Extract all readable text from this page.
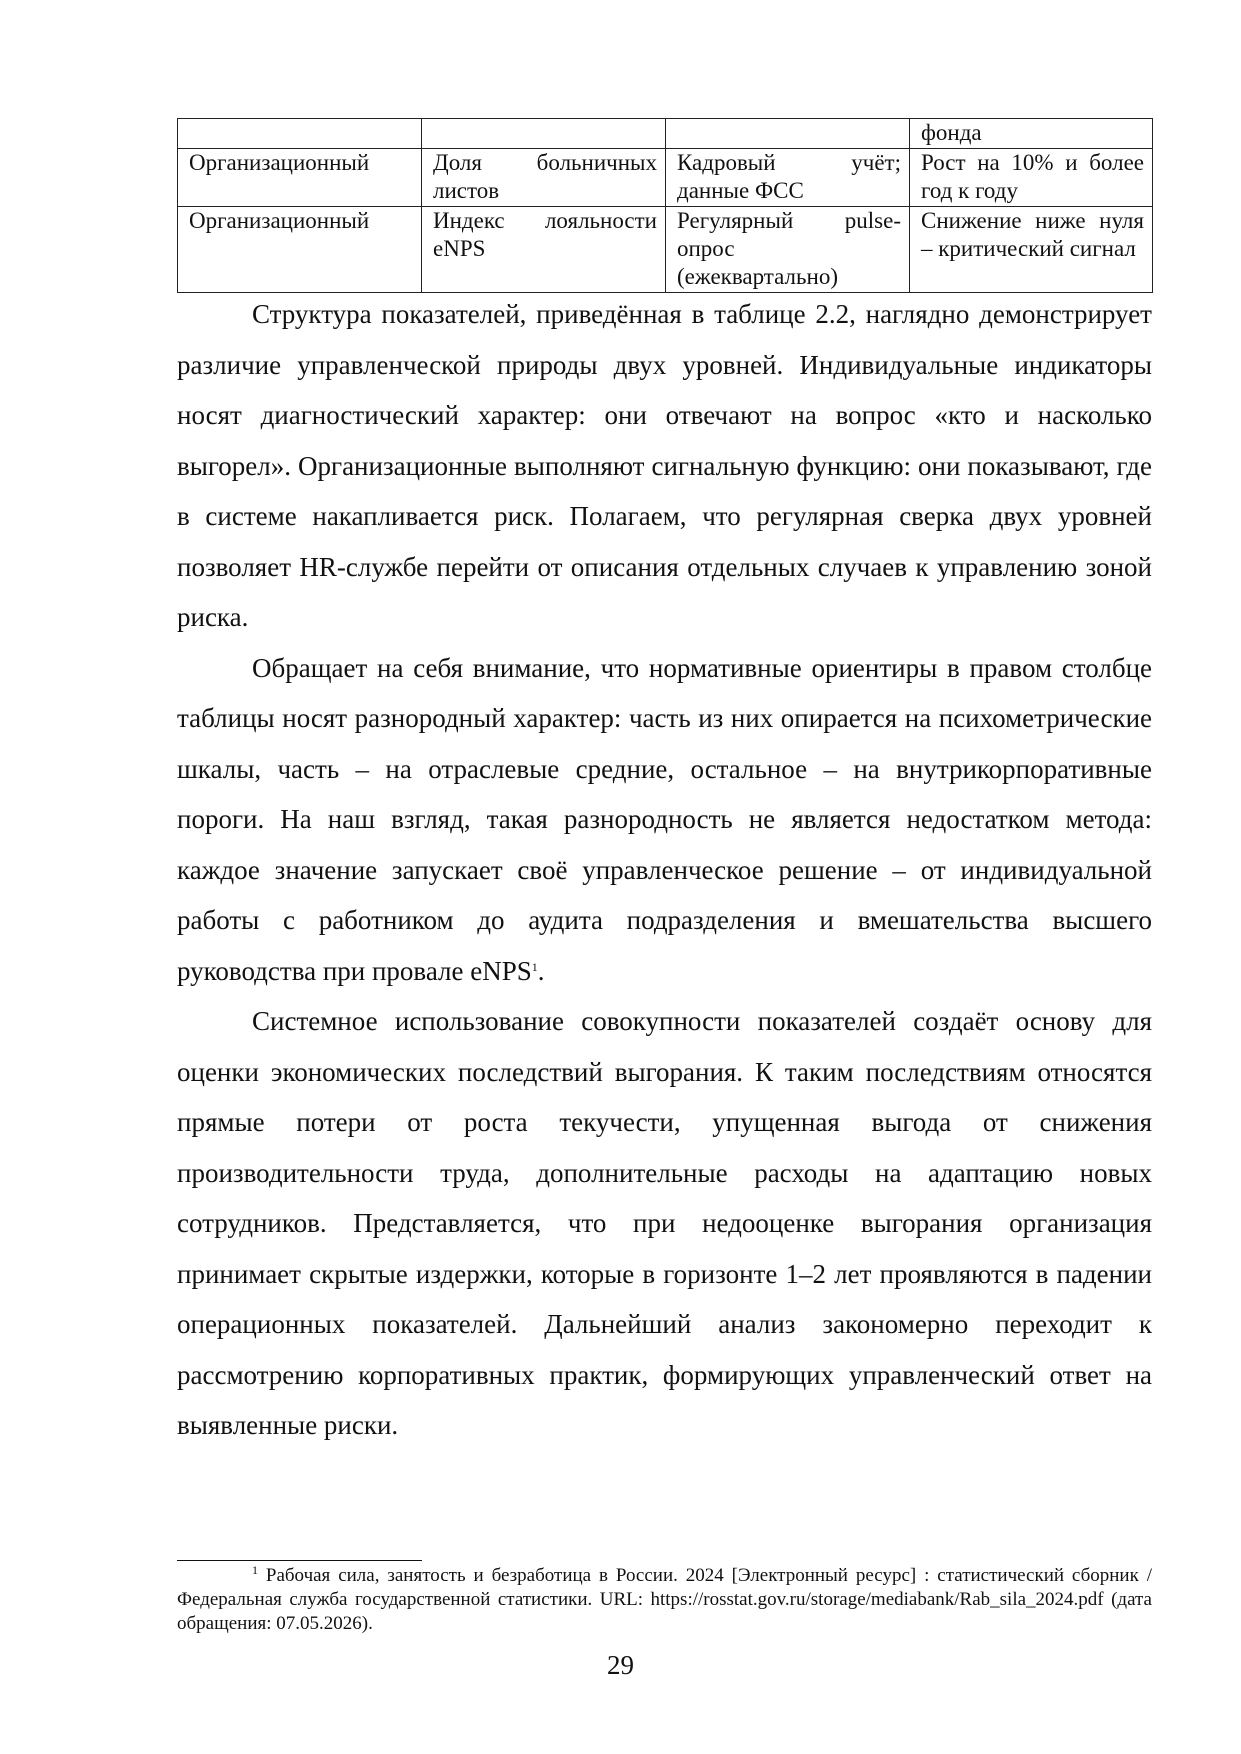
			фонда
Организационный	Доля больничных листов	Кадровый учёт; данные ФСС	Рост на 10% и более год к году
Организационный	Индекс лояльности eNPS	Регулярный pulse-опрос (ежеквартально)	Снижение ниже нуля – критический сигнал

Структура показателей, приведённая в таблице 2.2, наглядно демонстрирует различие управленческой природы двух уровней. Индивидуальные индикаторы носят диагностический характер: они отвечают на вопрос «кто и насколько выгорел». Организационные выполняют сигнальную функцию: они показывают, где в системе накапливается риск. Полагаем, что регулярная сверка двух уровней позволяет HR-службе перейти от описания отдельных случаев к управлению зоной риска.

Обращает на себя внимание, что нормативные ориентиры в правом столбце таблицы носят разнородный характер: часть из них опирается на психометрические шкалы, часть – на отраслевые средние, остальное – на внутрикорпоративные пороги. На наш взгляд, такая разнородность не является недостатком метода: каждое значение запускает своё управленческое решение – от индивидуальной работы с работником до аудита подразделения и вмешательства высшего руководства при провале eNPS$^1$.

Системное использование совокупности показателей создаёт основу для оценки экономических последствий выгорания. К таким последствиям относятся прямые потери от роста текучести, упущенная выгода от снижения производительности труда, дополнительные расходы на адаптацию новых сотрудников. Представляется, что при недооценке выгорания организация принимает скрытые издержки, которые в горизонте 1–2 лет проявляются в падении операционных показателей. Дальнейший анализ закономерно переходит к рассмотрению корпоративных практик, формирующих управленческий ответ на выявленные риски.

$^1$ Рабочая сила, занятость и безработица в России. 2024 [Электронный ресурс] : статистический сборник / Федеральная служба государственной статистики. URL: https://rosstat.gov.ru/storage/mediabank/Rab_sila_2024.pdf (дата обращения: 07.05.2026).
29
